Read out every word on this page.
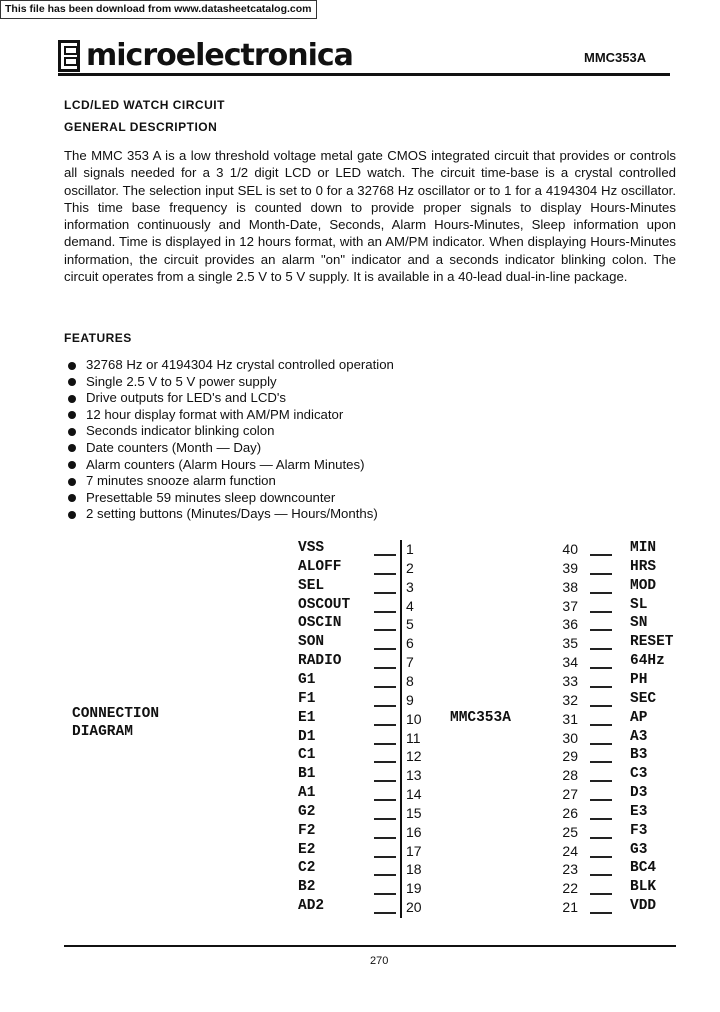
This file has been download from www.datasheetcatalog.com
microelectronica	MMC353A
LCD/LED WATCH CIRCUIT
GENERAL DESCRIPTION

The MMC 353 A is a low threshold voltage metal gate CMOS integrated circuit that provides or controls all signals needed for a 3 1/2 digit LCD or LED watch. The circuit time-base is a crystal controlled oscillator. The selection input SEL is set to 0 for a 32768 Hz oscillator or to 1 for a 4194304 Hz oscillator. This time base frequency is counted down to provide proper signals to display Hours-Minutes information continuously and Month-Date, Seconds, Alarm Hours-Minutes, Sleep information upon demand. Time is displayed in 12 hours format, with an AM/PM indicator. When displaying Hours-Minutes information, the circuit provides an alarm "on" indicator and a seconds indicator blinking colon. The circuit operates from a single 2.5 V to 5 V supply. It is available in a 40-lead dual-in-line package.

FEATURES
32768 Hz or 4194304 Hz crystal controlled operation
Single 2.5 V to 5 V power supply
Drive outputs for LED's and LCD's
12 hour display format with AM/PM indicator
Seconds indicator blinking colon
Date counters (Month — Day)
Alarm counters (Alarm Hours — Alarm Minutes)
7 minutes snooze alarm function
Presettable 59 minutes sleep downcounter
2 setting buttons (Minutes/Days — Hours/Months)
CONNECTION
DIAGRAM
MMC353A
VSS	1
ALOFF	2
SEL	3
OSCOUT	4
OSCIN	5
SON	6
RADIO	7
G1	8
F1	9
E1	10
D1	11
C1	12
B1	13
A1	14
G2	15
F2	16
E2	17
C2	18
B2	19
AD2	20
40	MIN
39	HRS
38	MOD
37	SL
36	SN
35	RESET
34	64Hz
33	PH
32	SEC
31	AP
30	A3
29	B3
28	C3
27	D3
26	E3
25	F3
24	G3
23	BC4
22	BLK
21	VDD
270
